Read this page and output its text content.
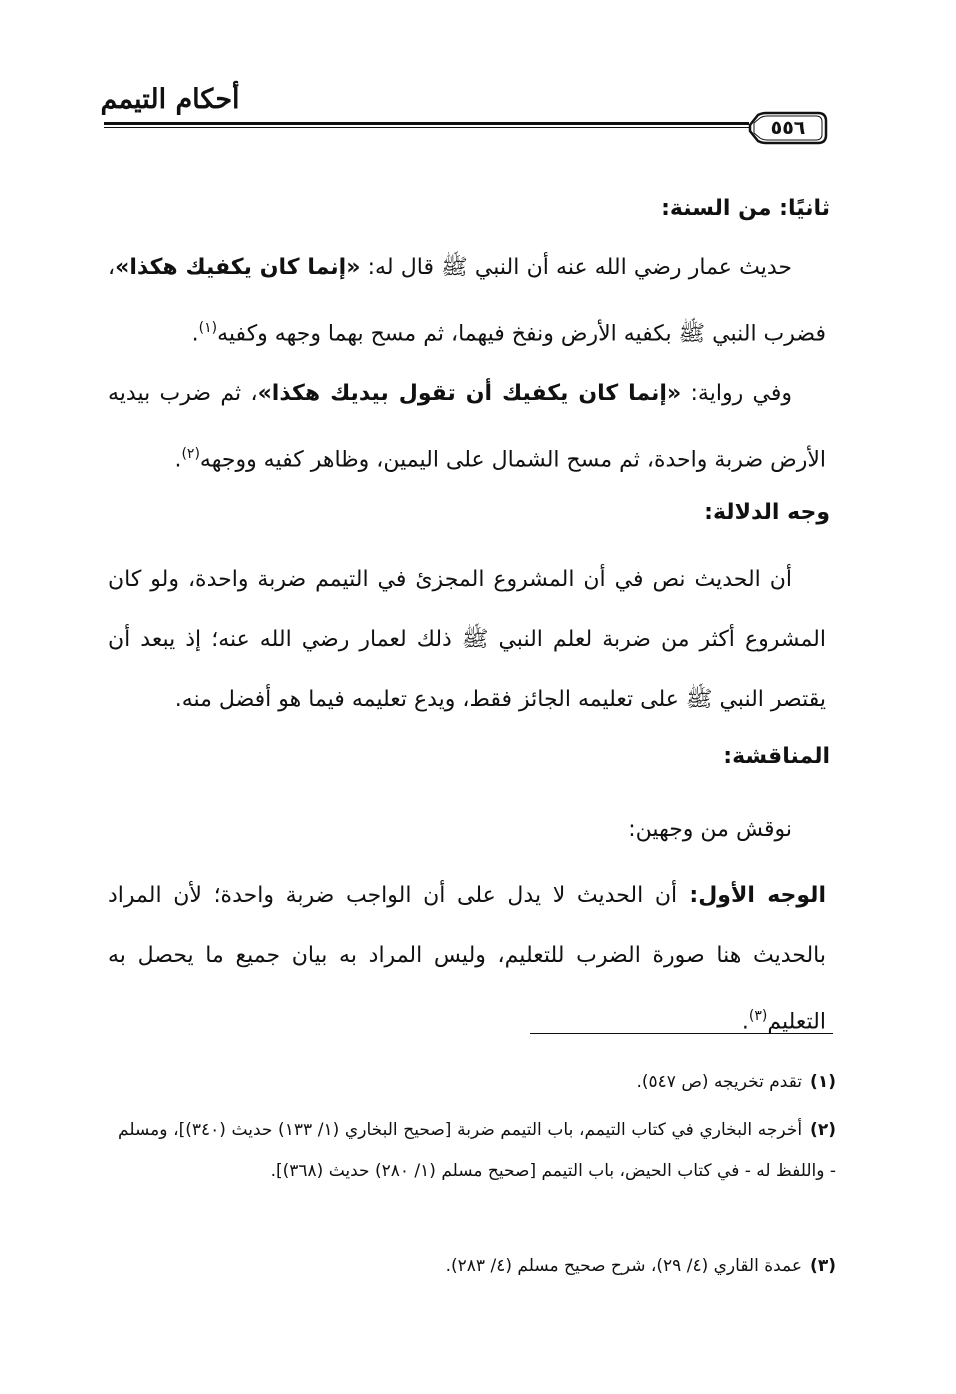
أحكام التيمم
٥٥٦
ثانيًا: من السنة:
حديث عمار رضي الله عنه أن النبي ﷺ قال له: «إنما كان يكفيك هكذا»، فضرب النبي ﷺ بكفيه الأرض ونفخ فيهما، ثم مسح بهما وجهه وكفيه$^{(١)}$.
وفي رواية: «إنما كان يكفيك أن تقول بيديك هكذا»، ثم ضرب بيديه الأرض ضربة واحدة، ثم مسح الشمال على اليمين، وظاهر كفيه ووجهه$^{(٢)}$.
وجه الدلالة:
أن الحديث نص في أن المشروع المجزئ في التيمم ضربة واحدة، ولو كان المشروع أكثر من ضربة لعلم النبي ﷺ ذلك لعمار رضي الله عنه؛ إذ يبعد أن يقتصر النبي ﷺ على تعليمه الجائز فقط، ويدع تعليمه فيما هو أفضل منه.
المناقشة:
نوقش من وجهين:
الوجه الأول: أن الحديث لا يدل على أن الواجب ضربة واحدة؛ لأن المراد بالحديث هنا صورة الضرب للتعليم، وليس المراد به بيان جميع ما يحصل به التعليم$^{(٣)}$.
(١)تقدم تخريجه (ص ٥٤٧).
(٢)أخرجه البخاري في كتاب التيمم، باب التيمم ضربة [صحيح البخاري (١/ ١٣٣) حديث (٣٤٠)]، ومسلم - واللفظ له - في كتاب الحيض، باب التيمم [صحيح مسلم (١/ ٢٨٠) حديث (٣٦٨)].
(٣)عمدة القاري (٤/ ٢٩)، شرح صحيح مسلم (٤/ ٢٨٣).
